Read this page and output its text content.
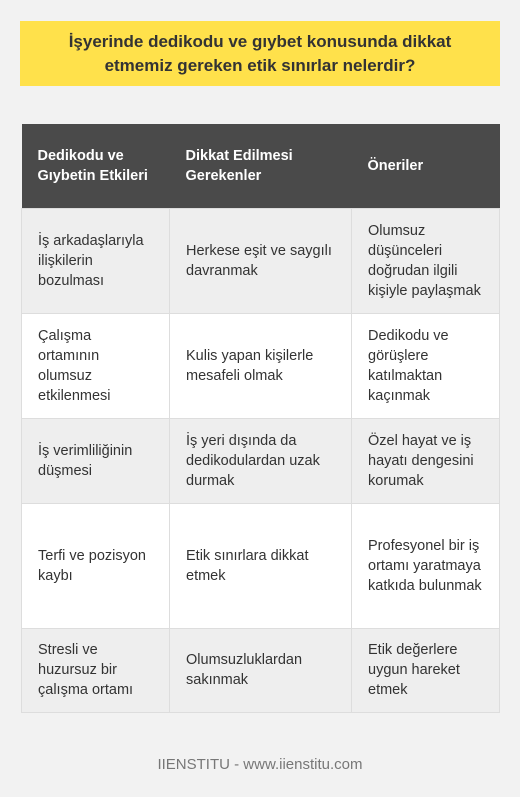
İşyerinde dedikodu ve gıybet konusunda dikkat etmemiz gereken etik sınırlar nelerdir?
Dedikodu ve Gıybetin Etkileri	Dikkat Edilmesi Gerekenler	Öneriler
İş arkadaşlarıyla ilişkilerin bozulması	Herkese eşit ve saygılı davranmak	Olumsuz düşünceleri doğrudan ilgili kişiyle paylaşmak
Çalışma ortamının olumsuz etkilenmesi	Kulis yapan kişilerle mesafeli olmak	Dedikodu ve görüşlere katılmaktan kaçınmak
İş verimliliğinin düşmesi	İş yeri dışında da dedikodulardan uzak durmak	Özel hayat ve iş hayatı dengesini korumak
Terfi ve pozisyon kaybı	Etik sınırlara dikkat etmek	Profesyonel bir iş ortamı yaratmaya katkıda bulunmak
Stresli ve huzursuz bir çalışma ortamı	Olumsuzluklardan sakınmak	Etik değerlere uygun hareket etmek
IIENSTITU - www.iienstitu.com
